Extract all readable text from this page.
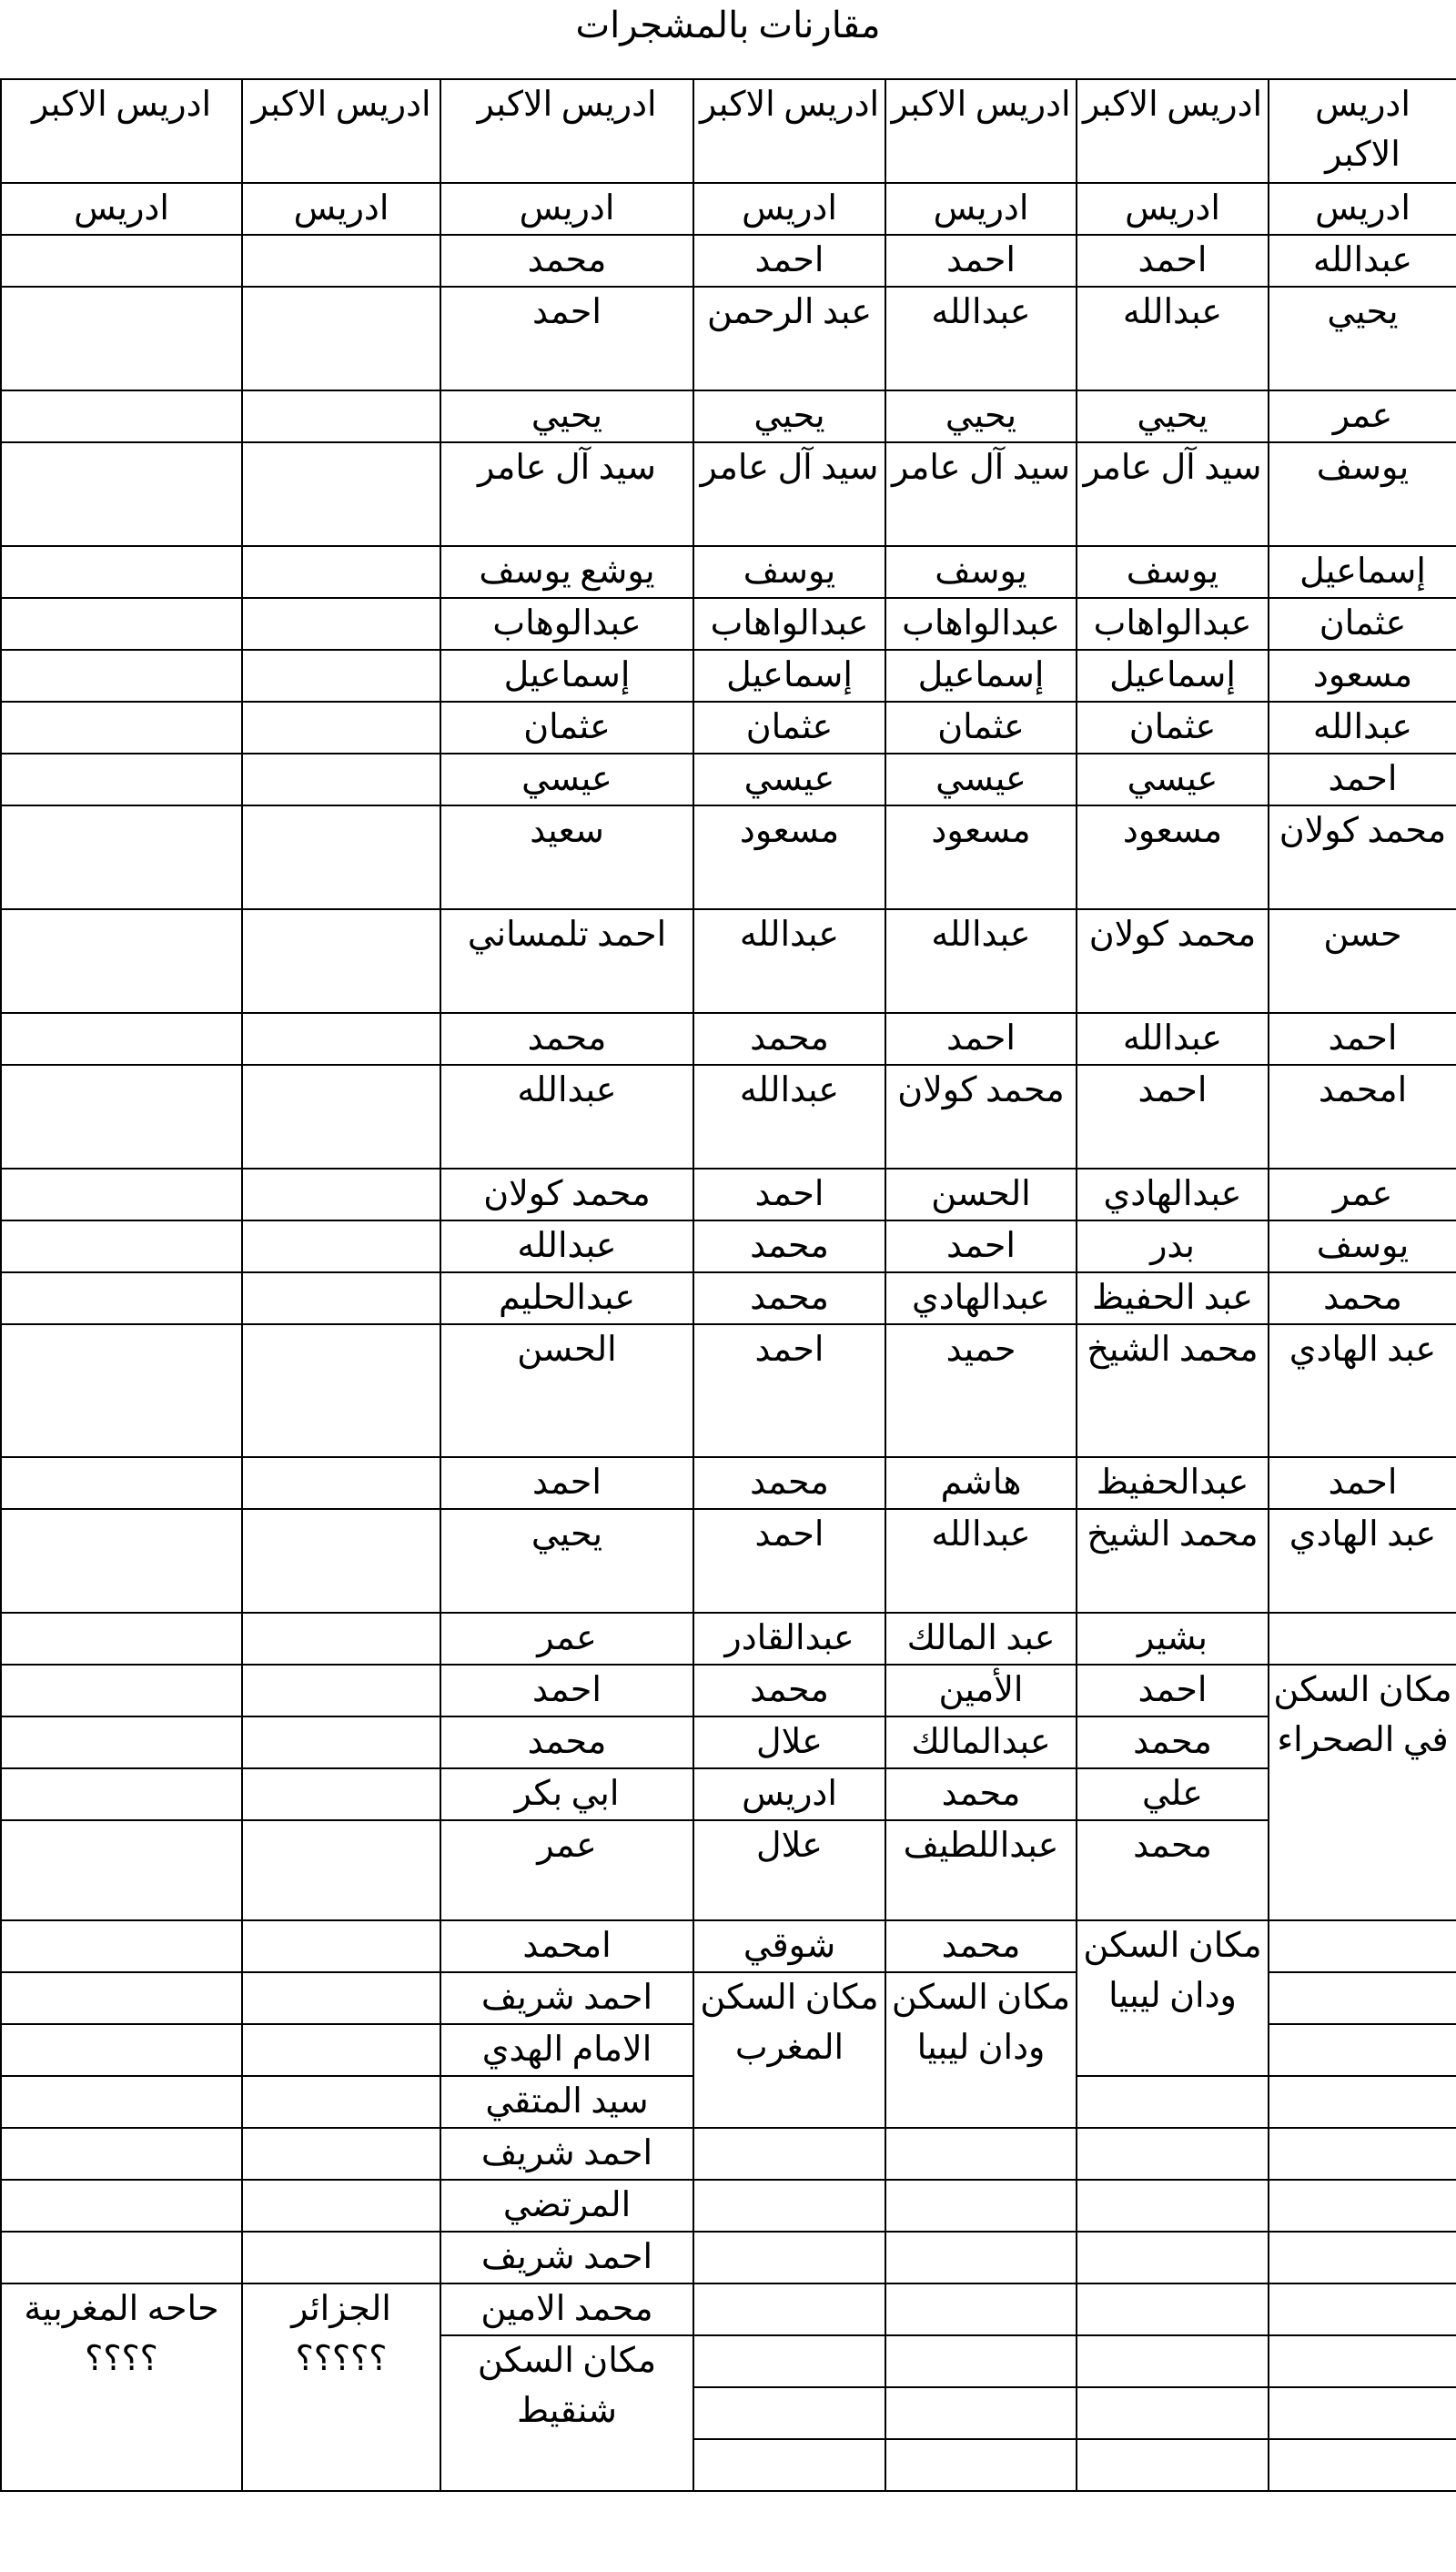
مقارنات بالمشجرات
ادريس الاكبر	ادريس الاكبر	ادريس الاكبر	ادريس الاكبر	ادريس الاكبر	ادريس الاكبر	ادريس الاكبر
ادريس	ادريس	ادريس	ادريس	ادريس	ادريس	ادريس
عبدالله	احمد	احمد	احمد	محمد		
يحيي	عبدالله	عبدالله	عبد الرحمن	احمد		
عمر	يحيي	يحيي	يحيي	يحيي		
يوسف	سيد آل عامر	سيد آل عامر	سيد آل عامر	سيد آل عامر		
إسماعيل	يوسف	يوسف	يوسف	يوشع يوسف		
عثمان	عبدالواهاب	عبدالواهاب	عبدالواهاب	عبدالوهاب		
مسعود	إسماعيل	إسماعيل	إسماعيل	إسماعيل		
عبدالله	عثمان	عثمان	عثمان	عثمان		
احمد	عيسي	عيسي	عيسي	عيسي		
محمد كولان	مسعود	مسعود	مسعود	سعيد		
حسن	محمد كولان	عبدالله	عبدالله	احمد تلمساني		
احمد	عبدالله	احمد	محمد	محمد		
امحمد	احمد	محمد كولان	عبدالله	عبدالله		
عمر	عبدالهادي	الحسن	احمد	محمد كولان		
يوسف	بدر	احمد	محمد	عبدالله		
محمد	عبد الحفيظ	عبدالهادي	محمد	عبدالحليم		
عبد الهادي	محمد الشيخ	حميد	احمد	الحسن		
احمد	عبدالحفيظ	هاشم	محمد	احمد		
عبد الهادي	محمد الشيخ	عبدالله	احمد	يحيي		
	بشير	عبد المالك	عبدالقادر	عمر		
مكان السكن في الصحراء	احمد	الأمين	محمد	احمد		
	محمد	عبدالمالك	علال	محمد		
	علي	محمد	ادريس	ابي بكر		
	محمد	عبداللطيف	علال	عمر		
	مكان السكن ودان ليبيا	محمد	شوقي	امحمد		
		مكان السكن ودان ليبيا	مكان السكن المغرب	احمد شريف		
				الامام الهدي		
				سيد المتقي		
				احمد شريف		
				المرتضي		
				احمد شريف		
				محمد الامين	الجزائر ؟؟؟؟؟	حاحه المغربية ؟؟؟؟
				مكان السكن شنقيط		
